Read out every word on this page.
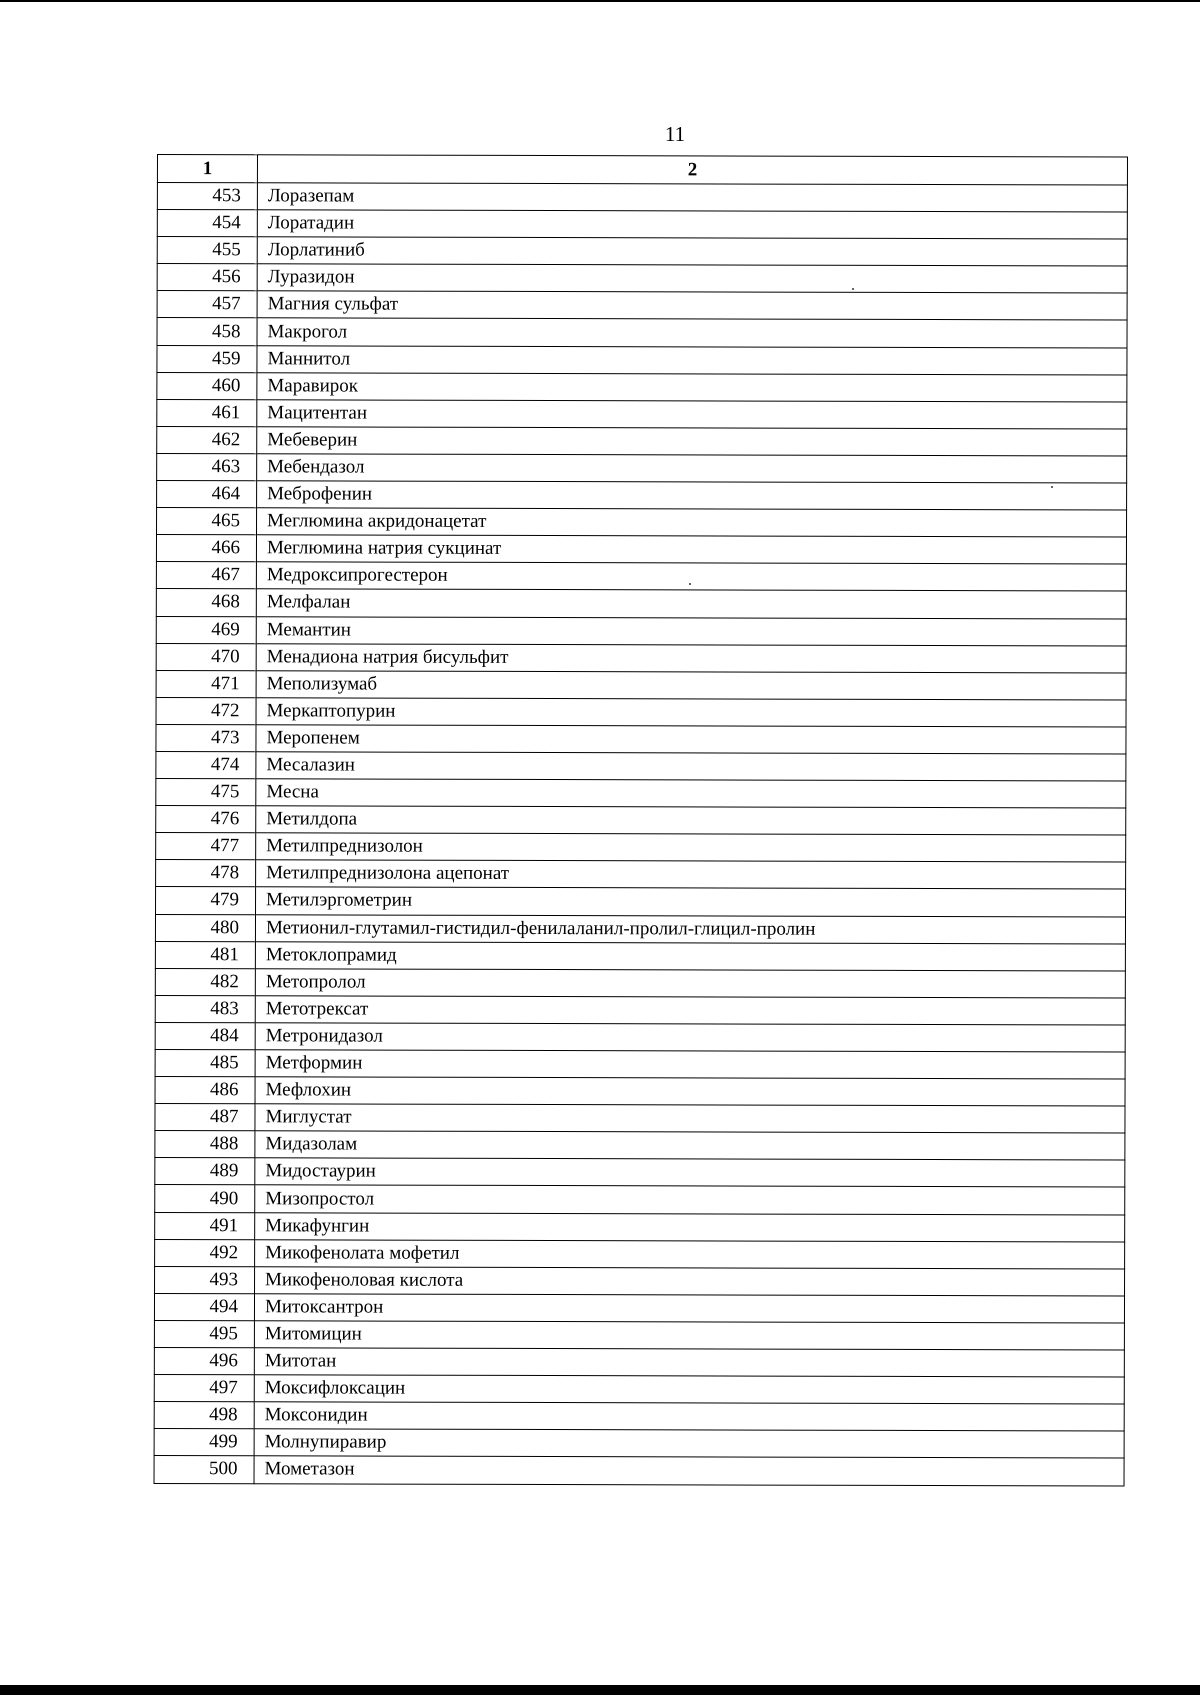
11
1	2
453	Лоразепам
454	Лоратадин
455	Лорлатиниб
456	Луразидон
457	Магния сульфат
458	Макрогол
459	Маннитол
460	Маравирок
461	Мацитентан
462	Мебеверин
463	Мебендазол
464	Меброфенин
465	Меглюмина акридонацетат
466	Меглюмина натрия сукцинат
467	Медроксипрогестерон
468	Мелфалан
469	Мемантин
470	Менадиона натрия бисульфит
471	Меполизумаб
472	Меркаптопурин
473	Меропенем
474	Месалазин
475	Месна
476	Метилдопа
477	Метилпреднизолон
478	Метилпреднизолона ацепонат
479	Метилэргометрин
480	Метионил-глутамил-гистидил-фенилаланил-пролил-глицил-пролин
481	Метоклопрамид
482	Метопролол
483	Метотрексат
484	Метронидазол
485	Метформин
486	Мефлохин
487	Миглустат
488	Мидазолам
489	Мидостаурин
490	Мизопростол
491	Микафунгин
492	Микофенолата мофетил
493	Микофеноловая кислота
494	Митоксантрон
495	Митомицин
496	Митотан
497	Моксифлоксацин
498	Моксонидин
499	Молнупиравир
500	Мометазон
